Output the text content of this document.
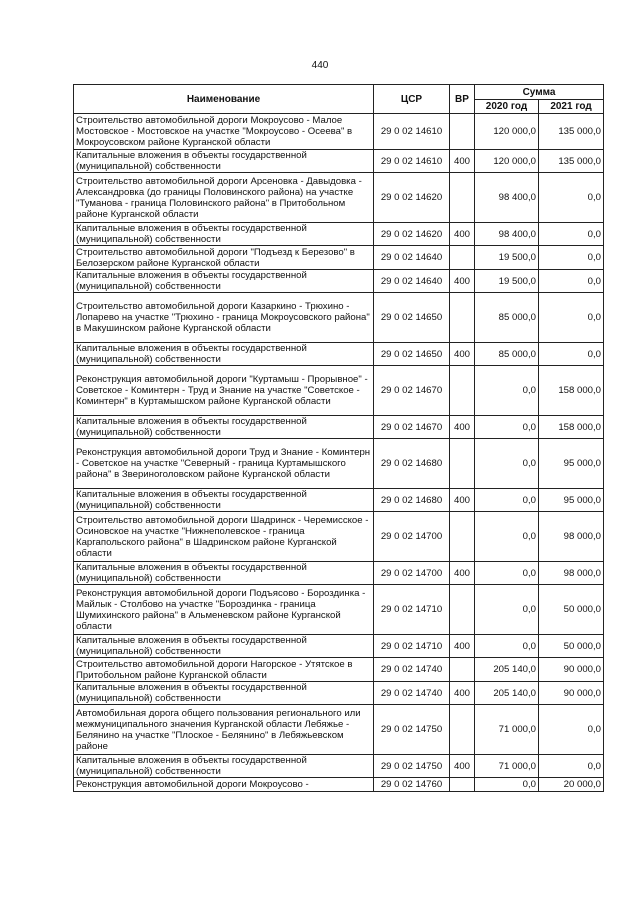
440
Наименование	ЦСР	ВР	Сумма	
			2020 год	2021 год
Строительство автомобильной дороги Мокроусово - Малое Мостовское - Мостовское на участке "Мокроусово - Осеева" в Мокроусовском районе Курганской области	29 0 02 14610		120 000,0	135 000,0
Капитальные вложения в объекты государственной (муниципальной) собственности	29 0 02 14610	400	120 000,0	135 000,0
Строительство автомобильной дороги Арсеновка - Давыдовка - Александровка (до границы Половинского района) на участке "Туманова - граница Половинского района" в Притобольном районе Курганской области	29 0 02 14620		98 400,0	0,0
Капитальные вложения в объекты государственной (муниципальной) собственности	29 0 02 14620	400	98 400,0	0,0
Строительство автомобильной дороги "Подъезд к Березово" в Белозерском районе Курганской области	29 0 02 14640		19 500,0	0,0
Капитальные вложения в объекты государственной (муниципальной) собственности	29 0 02 14640	400	19 500,0	0,0
Строительство автомобильной дороги Казаркино - Трюхино - Лопарево на участке "Трюхино - граница Мокроусовского района" в Макушинском районе Курганской области	29 0 02 14650		85 000,0	0,0
Капитальные вложения в объекты государственной (муниципальной) собственности	29 0 02 14650	400	85 000,0	0,0
Реконструкция автомобильной дороги "Куртамыш - Прорывное" - Советское - Коминтерн - Труд и Знание на участке "Советское - Коминтерн" в Куртамышском районе Курганской области	29 0 02 14670		0,0	158 000,0
Капитальные вложения в объекты государственной (муниципальной) собственности	29 0 02 14670	400	0,0	158 000,0
Реконструкция автомобильной дороги Труд и Знание - Коминтерн - Советское на участке "Северный - граница Куртамышского района" в Звериноголовском районе Курганской области	29 0 02 14680		0,0	95 000,0
Капитальные вложения в объекты государственной (муниципальной) собственности	29 0 02 14680	400	0,0	95 000,0
Строительство автомобильной дороги Шадринск - Черемисское - Осиновское на участке "Нижнеполевское - граница Каргапольского района" в Шадринском районе Курганской области	29 0 02 14700		0,0	98 000,0
Капитальные вложения в объекты государственной (муниципальной) собственности	29 0 02 14700	400	0,0	98 000,0
Реконструкция автомобильной дороги Подъясово - Бороздинка - Майлык - Столбово на участке "Бороздинка - граница Шумихинского района" в Альменевском районе Курганской области	29 0 02 14710		0,0	50 000,0
Капитальные вложения в объекты государственной (муниципальной) собственности	29 0 02 14710	400	0,0	50 000,0
Строительство автомобильной дороги Нагорское - Утятское в Притобольном районе Курганской области	29 0 02 14740		205 140,0	90 000,0
Капитальные вложения в объекты государственной (муниципальной) собственности	29 0 02 14740	400	205 140,0	90 000,0
Автомобильная дорога общего пользования регионального или межмуниципального значения Курганской области Лебяжье - Белянино на участке "Плоское - Белянино" в Лебяжьевском районе	29 0 02 14750		71 000,0	0,0
Капитальные вложения в объекты государственной (муниципальной) собственности	29 0 02 14750	400	71 000,0	0,0
Реконструкция автомобильной дороги Мокроусово -	29 0 02 14760		0,0	20 000,0
